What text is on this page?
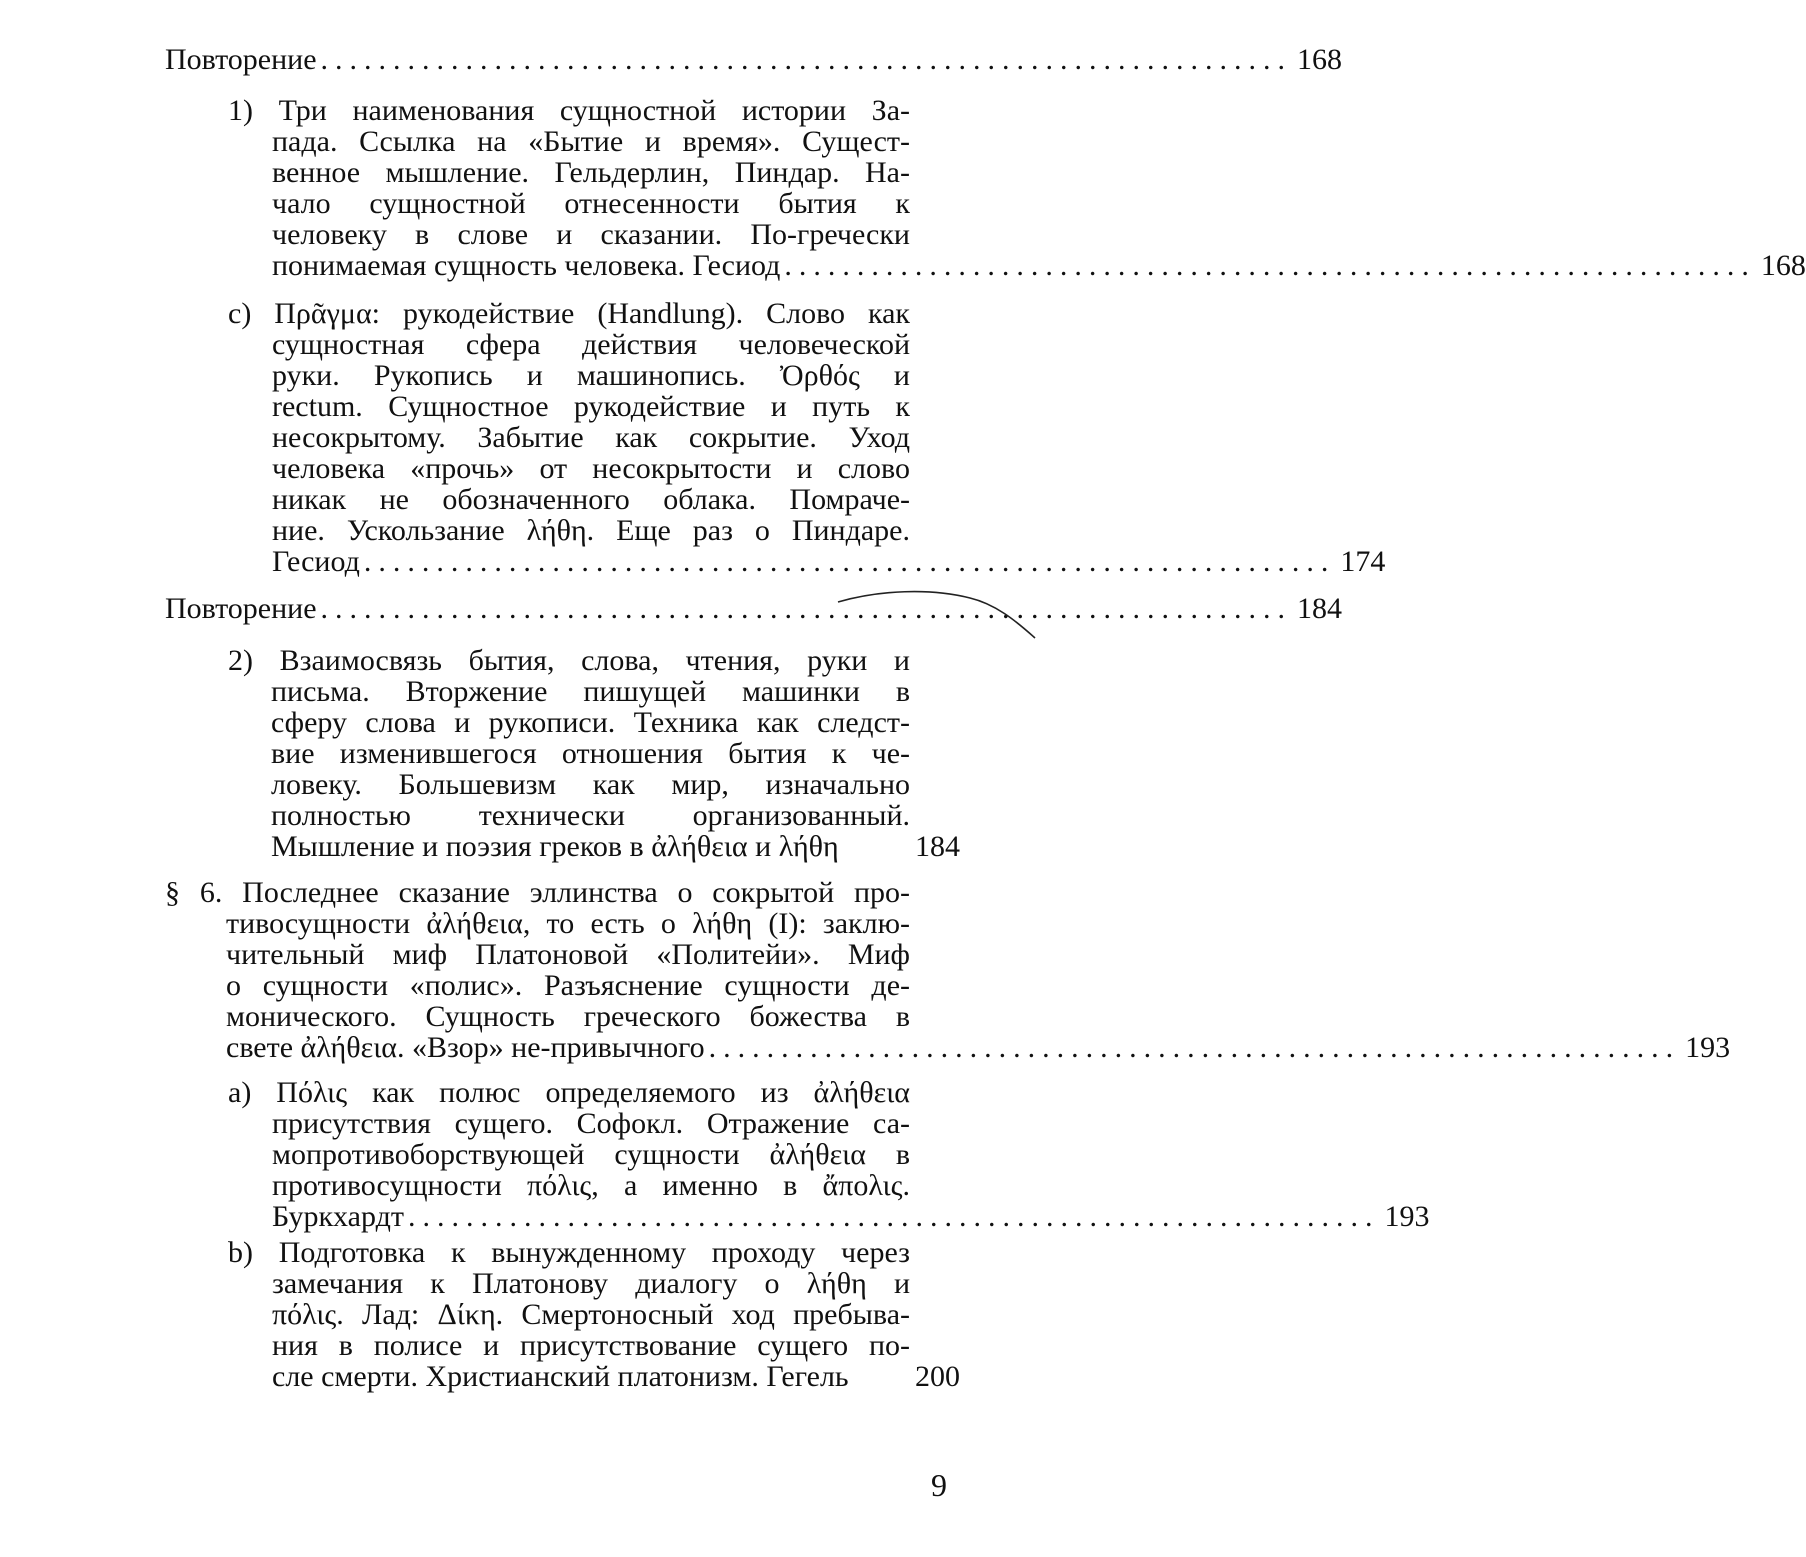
Повторение ................................................................... 168
1) Три наименования сущностной истории За-
пада. Ссылка на «Бытие и время». Сущест-
венное мышление. Гельдерлин, Пиндар. На-
чало сущностной отнесенности бытия к
человеку в слове и сказании. По-гречески
понимаемая сущность человека. Гесиод ................................................................... 168
c) Πρᾶγμα: рукодействие (Handlung). Слово как
сущностная сфера действия человеческой
руки. Рукопись и машинопись. Ὀρθός и
rectum. Сущностное рукодействие и путь к
несокрытому. Забытие как сокрытие. Уход
человека «прочь» от несокрытости и слово
никак не обозначенного облака. Помраче-
ние. Ускользание λήθη. Еще раз о Пиндаре.
Гесиод ................................................................... 174
Повторение ................................................................... 184
2) Взаимосвязь бытия, слова, чтения, руки и
письма. Вторжение пишущей машинки в
сферу слова и рукописи. Техника как следст-
вие изменившегося отношения бытия к че-
ловеку. Большевизм как мир, изначально
полностью технически организованный.
Мышление и поэзия греков в ἀλήθεια и λήθη	184
§ 6. Последнее сказание эллинства о сокрытой про-
тивосущности ἀλήθεια, то есть о λήθη (I): заклю-
чительный миф Платоновой «Политейи». Миф
о сущности «полис». Разъяснение сущности де-
монического. Сущность греческого божества в
свете ἀλήθεια. «Взор» не-привычного ................................................................... 193
a) Πόλις как полюс определяемого из ἀλήθεια
присутствия сущего. Софокл. Отражение са-
мопротивоборствующей сущности ἀλήθεια в
противосущности πόλις, а именно в ἄπολις.
Буркхардт ................................................................... 193
b) Подготовка к вынужденному проходу через
замечания к Платонову диалогу о λήθη и
πόλις. Лад: Δίκη. Смертоносный ход пребыва-
ния в полисе и присутствование сущего по-
сле смерти. Христианский платонизм. Гегель 200
9
